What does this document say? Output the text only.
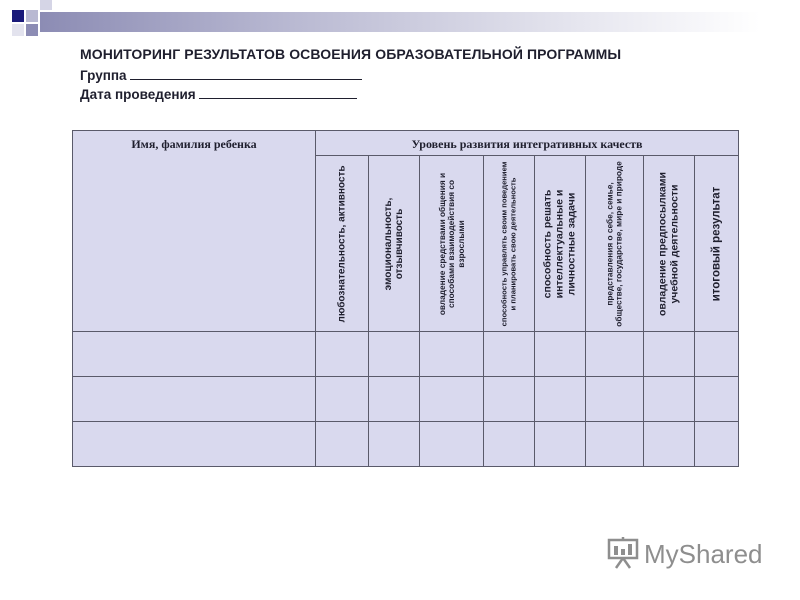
МОНИТОРИНГ РЕЗУЛЬТАТОВ ОСВОЕНИЯ ОБРАЗОВАТЕЛЬНОЙ ПРОГРАММЫ
Группа
Дата проведения
Имя, фамилия ребенка	Уровень развития интегративных качеств							

	любознательность, активность	эмоциональность, отзывчивость	овладение средствами общения и способами взаимодействия со взрослыми	способность управлять своим поведением и планировать свою деятельность	способность решать интеллектуальные и личностные задачи	представления о себе, семье, обществе, государстве, мире и природе	овладение предпосылками учебной деятельности	итоговый результат

MyShared
